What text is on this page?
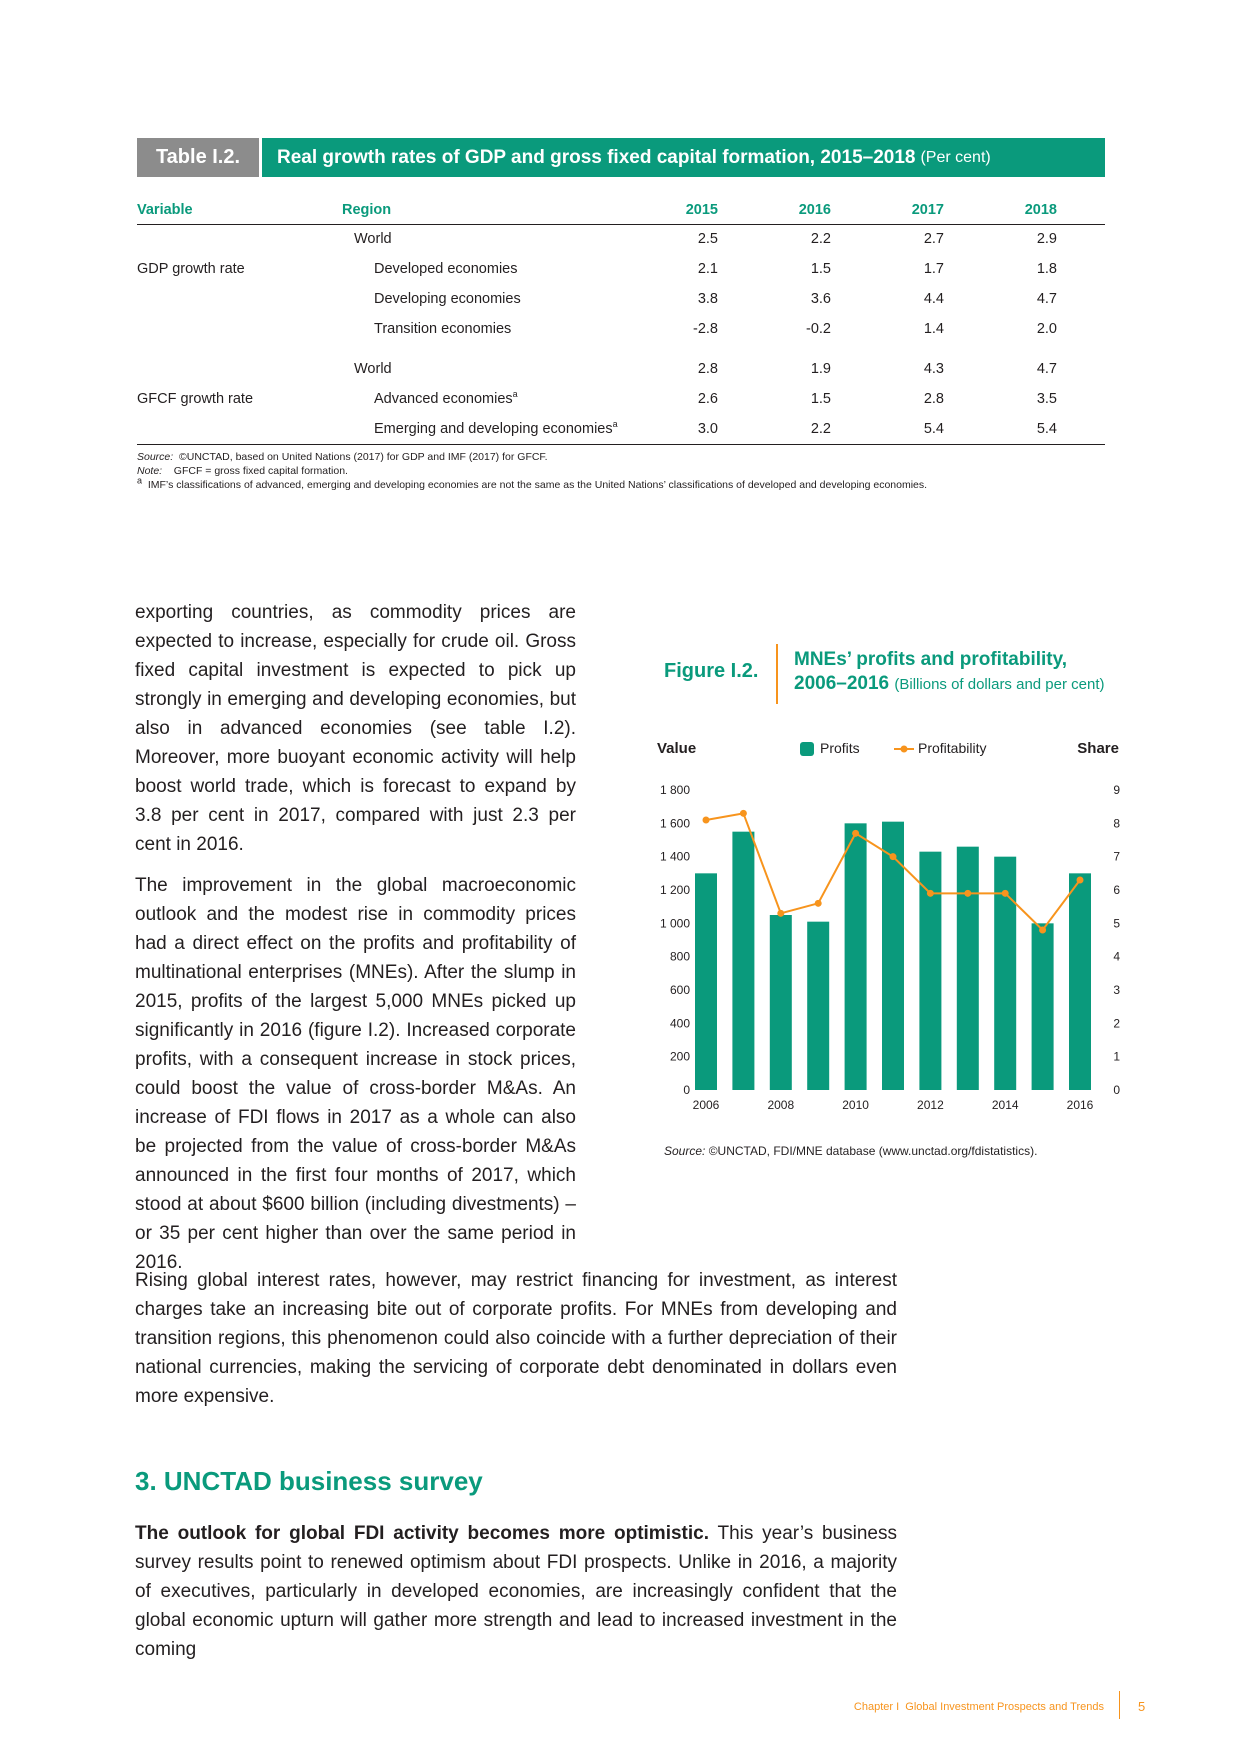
Table I.2.	Real growth rates of GDP and gross fixed capital formation, 2015–2018 (Per cent)
Variable	Region	2015	2016	2017	2018
	World	2.5	2.2	2.7	2.9
GDP growth rate	Developed economies	2.1	1.5	1.7	1.8
	Developing economies	3.8	3.6	4.4	4.7
	Transition economies	-2.8	-0.2	1.4	2.0

	World	2.8	1.9	4.3	4.7
GFCF growth rate	Advanced economies$^a$	2.6	1.5	2.8	3.5
	Emerging and developing economies$^a$	3.0	2.2	5.4	5.4
Source: ©UNCTAD, based on United Nations (2017) for GDP and IMF (2017) for GFCF.
Note: GFCF = gross fixed capital formation.
$^a$ IMF’s classifications of advanced, emerging and developing economies are not the same as the United Nations’ classifications of developed and developing economies.

exporting countries, as commodity prices are expected to increase, especially for crude oil. Gross fixed capital investment is expected to pick up strongly in emerging and developing economies, but also in advanced economies (see table I.2). Moreover, more buoyant economic activity will help boost world trade, which is forecast to expand by 3.8 per cent in 2017, compared with just 2.3 per cent in 2016.

The improvement in the global macroeconomic outlook and the modest rise in commodity prices had a direct effect on the profits and profitability of multinational enterprises (MNEs). After the slump in 2015, profits of the largest 5,000 MNEs picked up significantly in 2016 (figure I.2). Increased corporate profits, with a consequent increase in stock prices, could boost the value of cross-border M&As. An increase of FDI flows in 2017 as a whole can also be projected from the value of cross-border M&As announced in the first four months of 2017, which stood at about $600 billion (including divestments) – or 35 per cent higher than over the same period in 2016.

Figure I.2.
MNEs’ profits and profitability, 2006–2016 (Billions of dollars and per cent)
0
200
400
600
800
1 000
1 200
1 400
1 600
1 800
0
1
2
3
4
5
6
7
8
9
2006	2008	2010	2012	2014	2016
Value	Share
Profits	Profitability
Source: ©UNCTAD, FDI/MNE database (www.unctad.org/fdistatistics).
Rising global interest rates, however, may restrict financing for investment, as interest charges take an increasing bite out of corporate profits. For MNEs from developing and transition regions, this phenomenon could also coincide with a further depreciation of their national currencies, making the servicing of corporate debt denominated in dollars even more expensive.
3. UNCTAD business survey
The outlook for global FDI activity becomes more optimistic. This year’s business survey results point to renewed optimism about FDI prospects. Unlike in 2016, a majority of executives, particularly in developed economies, are increasingly confident that the global economic upturn will gather more strength and lead to increased investment in the coming
Chapter I Global Investment Prospects and Trends	5
